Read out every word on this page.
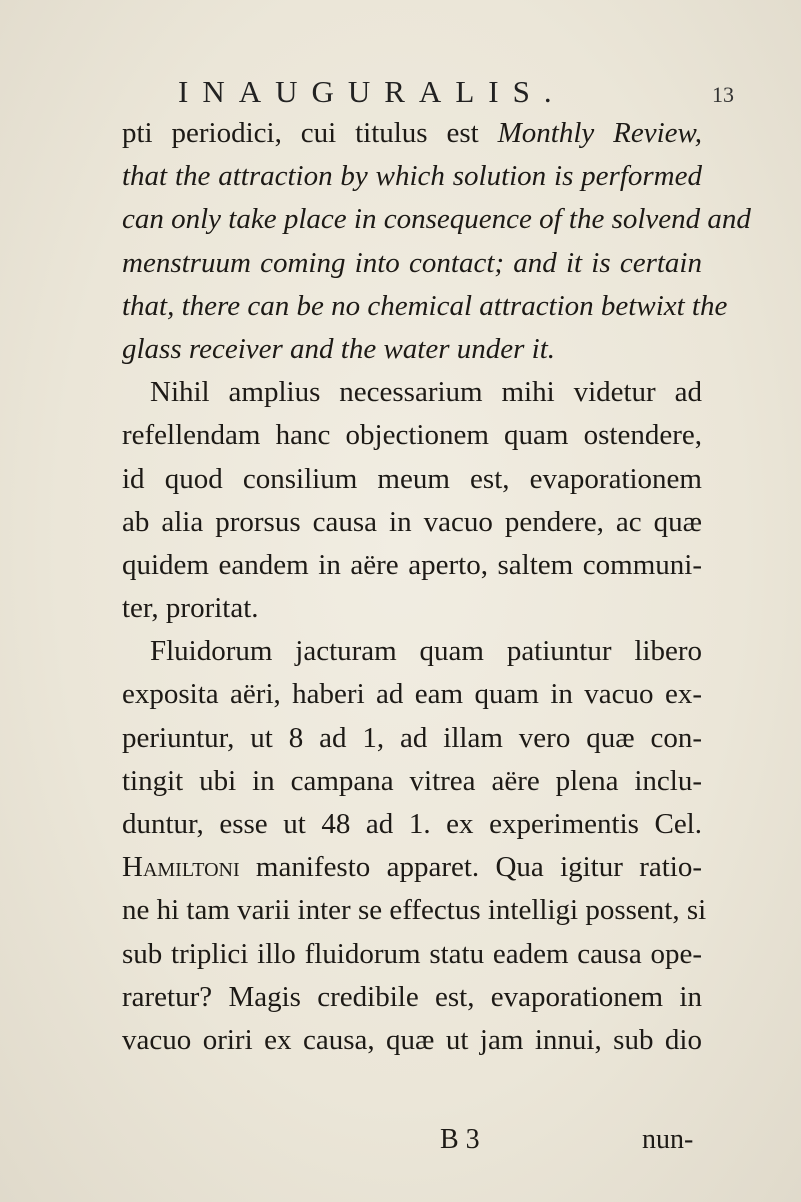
INAUGURALIS.	13
pti periodici, cui titulus est Monthly Review,
that the attraction by which solution is performed
can only take place in consequence of the solvend and
menstruum coming into contact; and it is certain
that, there can be no chemical attraction betwixt the
glass receiver and the water under it.
Nihil amplius necessarium mihi videtur ad
refellendam hanc objectionem quam ostendere,
id quod consilium meum est, evaporationem
ab alia prorsus causa in vacuo pendere, ac quæ
quidem eandem in aëre aperto, saltem communi-
ter, proritat.
Fluidorum jacturam quam patiuntur libero
exposita aëri, haberi ad eam quam in vacuo ex-
periuntur, ut 8 ad 1, ad illam vero quæ con-
tingit ubi in campana vitrea aëre plena inclu-
duntur, esse ut 48 ad 1. ex experimentis Cel.
Hamiltoni manifesto apparet. Qua igitur ratio-
ne hi tam varii inter se effectus intelligi possent, si
sub triplici illo fluidorum statu eadem causa ope-
raretur? Magis credibile est, evaporationem in
vacuo oriri ex causa, quæ ut jam innui, sub dio
B 3	nun-
